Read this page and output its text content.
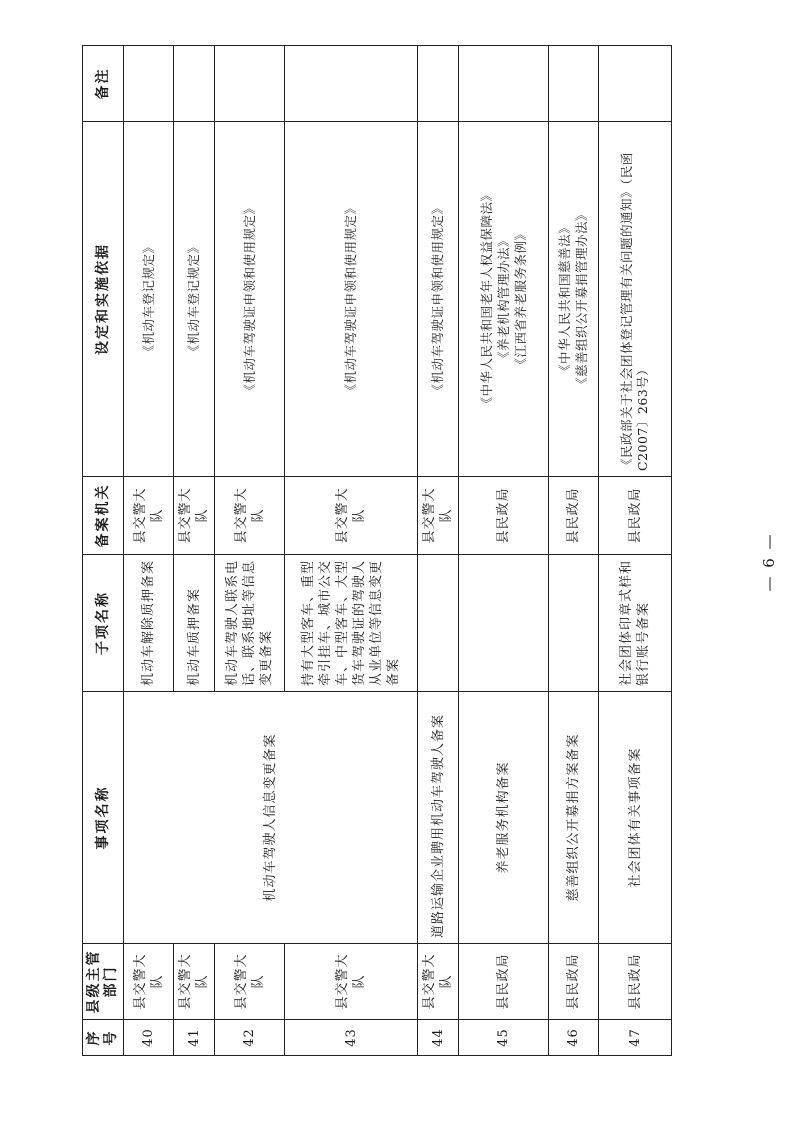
序号	县级主管部门	事项名称	子项名称	备案机关	设定和实施依据	备注
40	县交警大队	机动车驾驶人信息变更备案	机动车解除质押备案	县交警大队	《机动车登记规定》	

41	县交警大队		机动车质押备案	县交警大队	《机动车登记规定》	

42	县交警大队		机动车驾驶人联系电话、联系地址等信息变更备案	县交警大队	《机动车驾驶证申领和使用规定》	

43	县交警大队		持有大型客车、重型牵引挂车、城市公交车、中型客车、大型货车驾驶证的驾驶人从业单位等信息变更备案	县交警大队	《机动车驾驶证申领和使用规定》	

44	县交警大队	道路运输企业聘用机动车驾驶人备案		县交警大队	《机动车驾驶证申领和使用规定》	

45	县民政局	养老服务机构备案		县民政局	《中华人民共和国老年人权益保障法》 《养老机构管理办法》 《江西省养老服务条例》	

46	县民政局	慈善组织公开募捐方案备案		县民政局	《中华人民共和国慈善法》 《慈善组织公开募捐管理办法》	

47	县民政局	社会团体有关事项备案	社会团体印章式样和银行账号备案	县民政局	《民政部关于社会团体登记管理有关问题的通知》（民函C2007〕263号）	

— 6 —
